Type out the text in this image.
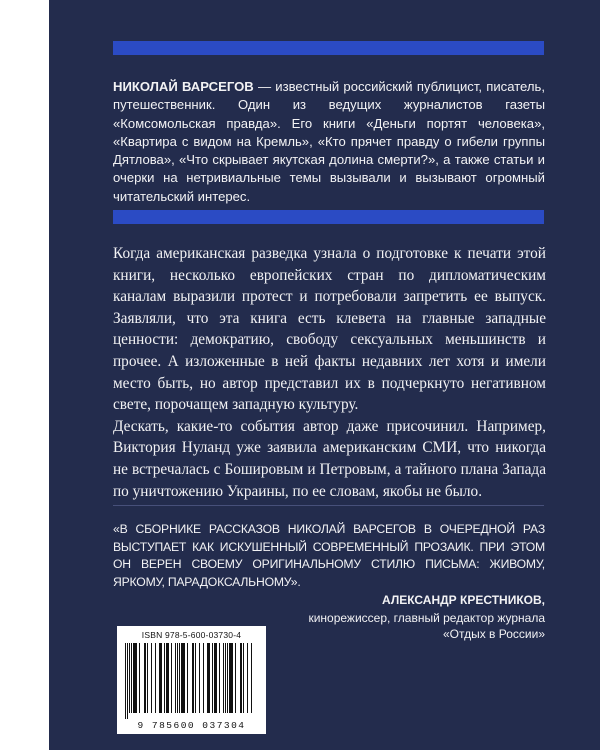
НИКОЛАЙ ВАРСЕГОВ — известный российский публицист, писатель, путешественник. Один из ведущих журналистов газеты «Комсомольская правда». Его книги «Деньги портят человека», «Квартира с видом на Кремль», «Кто прячет правду о гибели группы Дятлова», «Что скрывает якутская долина смерти?», а также статьи и очерки на нетривиальные темы вызывали и вызывают огромный читательский интерес.

Когда американская разведка узнала о подготовке к печати этой книги, несколько европейских стран по дипломатическим каналам выразили протест и потребовали запретить ее выпуск. Заявляли, что эта книга есть клевета на главные западные ценности: демократию, свободу сексуальных меньшинств и прочее. А изложенные в ней факты недавних лет хотя и имели место быть, но автор представил их в подчеркнуто негативном свете, порочащем западную культуру.

Дескать, какие-то события автор даже присочинил. Например, Виктория Нуланд уже заявила американским СМИ, что никогда не встречалась с Бошировым и Петровым, а тайного плана Запада по уничтожению Украины, по ее словам, якобы не было.

«В СБОРНИКЕ РАССКАЗОВ НИКОЛАЙ ВАРСЕГОВ В ОЧЕРЕДНОЙ РАЗ ВЫСТУПАЕТ КАК ИСКУШЕННЫЙ СОВРЕМЕННЫЙ ПРОЗАИК. ПРИ ЭТОМ ОН ВЕРЕН СВОЕМУ ОРИГИНАЛЬНОМУ СТИЛЮ ПИСЬМА: ЖИВОМУ, ЯРКОМУ, ПАРАДОКСАЛЬНОМУ».
АЛЕКСАНДР КРЕСТНИКОВ,
кинорежиссер, главный редактор журнала «Отдых в России»
ISBN 978-5-600-03730-4
9 785600 037304
